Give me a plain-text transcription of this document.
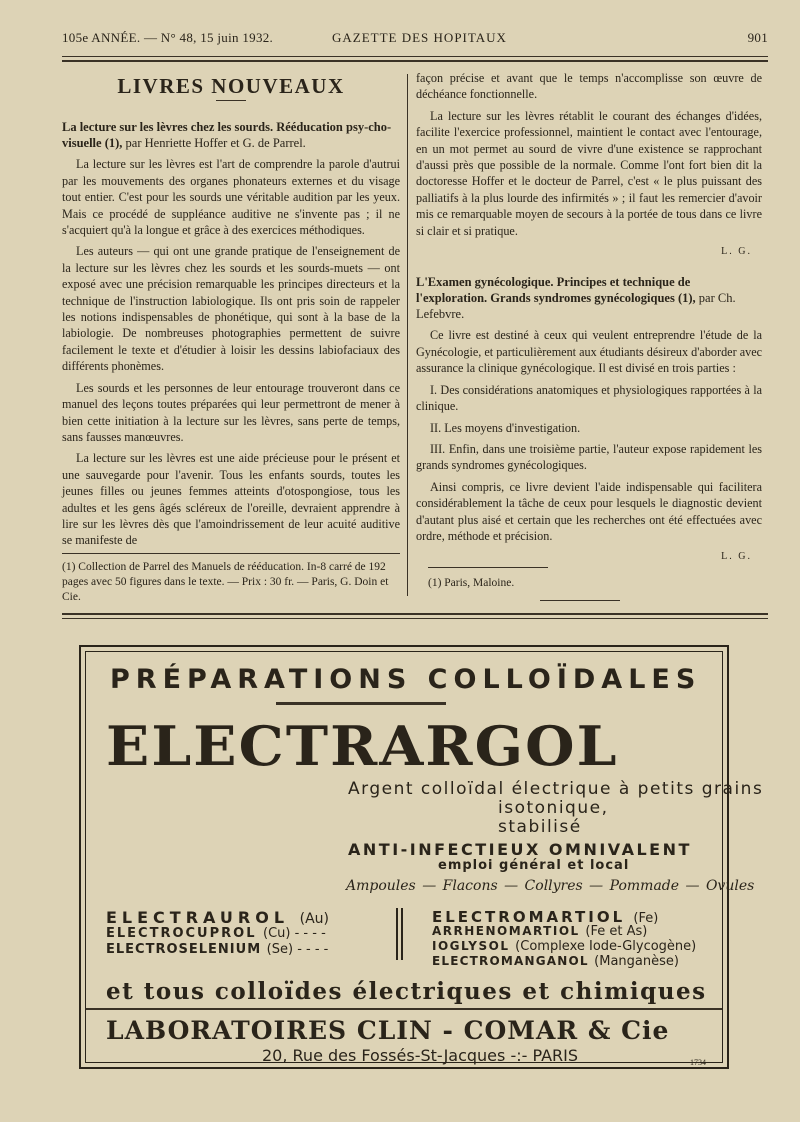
105e ANNÉE. — N° 48, 15 juin 1932.	GAZETTE DES HOPITAUX	901
LIVRES NOUVEAUX

La lecture sur les lèvres chez les sourds. Rééducation psy-cho-visuelle (1), par Henriette Hoffer et G. de Parrel.

La lecture sur les lèvres est l'art de comprendre la parole d'autrui par les mouvements des organes phonateurs externes et du visage tout entier. C'est pour les sourds une véritable audition par les yeux. Mais ce procédé de suppléance auditive ne s'invente pas ; il ne s'acquiert qu'à la longue et grâce à des exercices méthodiques.

Les auteurs — qui ont une grande pratique de l'enseignement de la lecture sur les lèvres chez les sourds et les sourds-muets — ont exposé avec une précision remarquable les principes directeurs et la technique de l'instruction labiologique. Ils ont pris soin de rappeler les notions indispensables de phonétique, qui sont à la base de la labiologie. De nombreuses photographies permettent de suivre facilement le texte et d'étudier à loisir les dessins labiofaciaux des différents phonèmes.

Les sourds et les personnes de leur entourage trouveront dans ce manuel des leçons toutes préparées qui leur permettront de mener à bien cette initiation à la lecture sur les lèvres, sans perte de temps, sans fausses manœuvres.

La lecture sur les lèvres est une aide précieuse pour le présent et une sauvegarde pour l'avenir. Tous les enfants sourds, toutes les jeunes filles ou jeunes femmes atteints d'otospongiose, tous les adultes et les gens âgés scléreux de l'oreille, devraient apprendre à lire sur les lèvres dès que l'amoindrissement de leur acuité auditive se manifeste de

(1) Collection de Parrel des Manuels de rééducation. In-8 carré de 192 pages avec 50 figures dans le texte. — Prix : 30 fr. — Paris, G. Doin et Cie.

façon précise et avant que le temps n'accomplisse son œuvre de déchéance fonctionnelle.

La lecture sur les lèvres rétablit le courant des échanges d'idées, facilite l'exercice professionnel, maintient le contact avec l'entourage, en un mot permet au sourd de vivre d'une existence se rapprochant d'aussi près que possible de la normale. Comme l'ont fort bien dit la doctoresse Hoffer et le docteur de Parrel, c'est « le plus puissant des palliatifs à la plus lourde des infirmités » ; il faut les remercier d'avoir mis ce remarquable moyen de secours à la portée de tous dans ce livre si clair et si pratique.

L. G.

L'Examen gynécologique. Principes et technique de l'exploration. Grands syndromes gynécologiques (1), par Ch. Lefebvre.

Ce livre est destiné à ceux qui veulent entreprendre l'étude de la Gynécologie, et particulièrement aux étudiants désireux d'aborder avec assurance la clinique gynécologique. Il est divisé en trois parties :

I. Des considérations anatomiques et physiologiques rapportées à la clinique.

II. Les moyens d'investigation.

III. Enfin, dans une troisième partie, l'auteur expose rapidement les grands syndromes gynécologiques.

Ainsi compris, ce livre devient l'aide indispensable qui facilitera considérablement la tâche de ceux pour lesquels le diagnostic devient d'autant plus aisé et certain que les recherches ont été effectuées avec ordre, méthode et précision.

L. G.
(1) Paris, Maloine.
PRÉPARATIONS COLLOÏDALES
ELECTRARGOL
Argent colloïdal électrique à petits grains
isotonique,
stabilisé
ANTI-INFECTIEUX OMNIVALENT
emploi général et local
Ampoules — Flacons — Collyres — Pommade — Ovules
ELECTRAUROL (Au)
ELECTROCUPROL (Cu) - - - -
ELECTROSELENIUM (Se) - - - -
ELECTROMARTIOL (Fe)
ARRHENOMARTIOL (Fe et As)
IOGLYSOL (Complexe Iode-Glycogène)
ELECTROMANGANOL (Manganèse)
et tous colloïdes électriques et chimiques
LABORATOIRES CLIN - COMAR & Cie
20, Rue des Fossés-St-Jacques -:- PARIS	1734
